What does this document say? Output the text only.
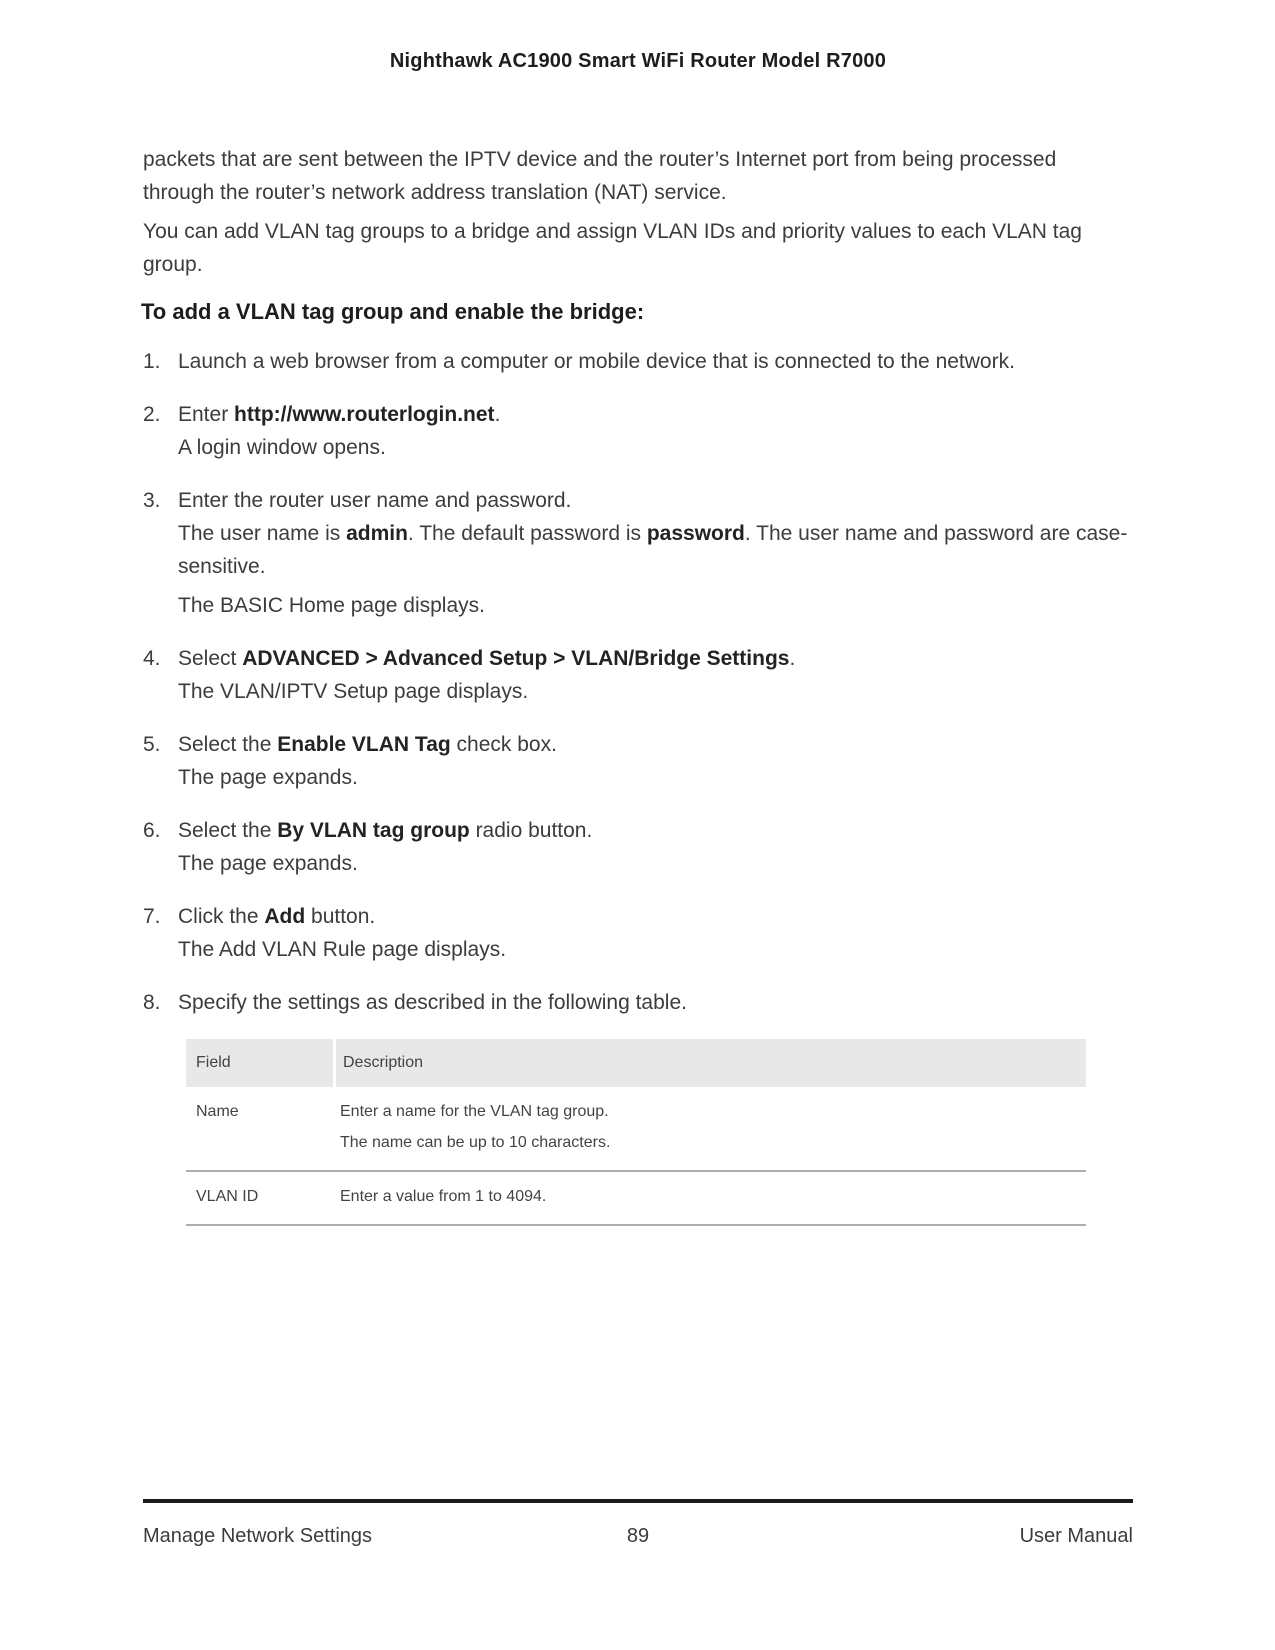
Nighthawk AC1900 Smart WiFi Router Model R7000

packets that are sent between the IPTV device and the router’s Internet port from being processed through the router’s network address translation (NAT) service.

You can add VLAN tag groups to a bridge and assign VLAN IDs and priority values to each VLAN tag group.

To add a VLAN tag group and enable the bridge:
1. Launch a web browser from a computer or mobile device that is connected to the network.

2. Enter http://www.routerlogin.net.

A login window opens.

3. Enter the router user name and password.

The user name is admin. The default password is password. The user name and password are case-sensitive.

The BASIC Home page displays.

4. Select ADVANCED > Advanced Setup > VLAN/Bridge Settings.

The VLAN/IPTV Setup page displays.

5. Select the Enable VLAN Tag check box.

The page expands.

6. Select the By VLAN tag group radio button.

The page expands.

7. Click the Add button.

The Add VLAN Rule page displays.

8. Specify the settings as described in the following table.

Field	Description
Name	Enter a name for the VLAN tag group.

The name can be up to 10 characters.

VLAN ID	Enter a value from 1 to 4094.

Manage Network Settings	89	User Manual
